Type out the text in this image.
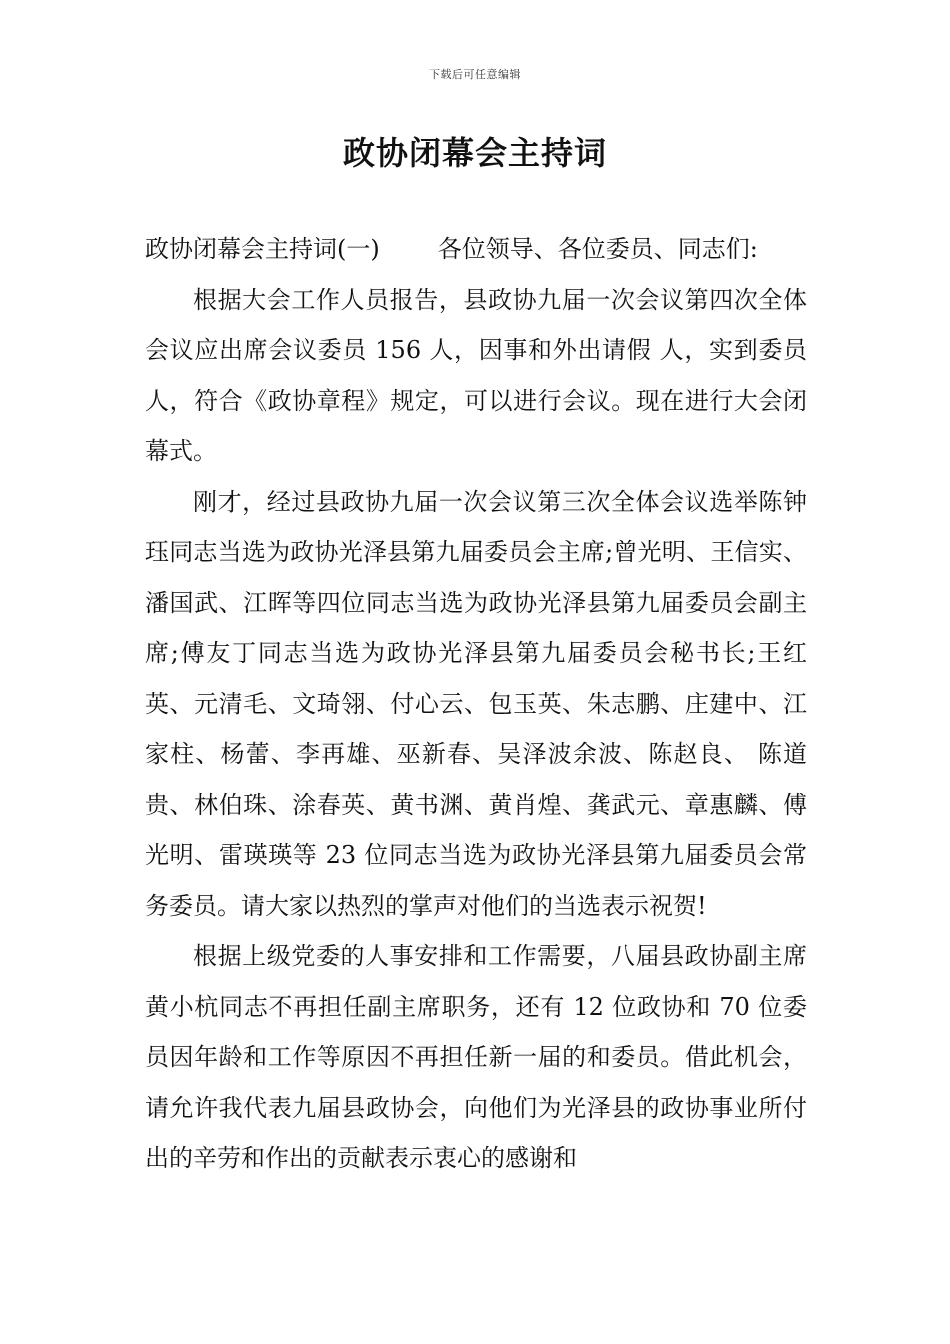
下载后可任意编辑
政协闭幕会主持词

政协闭幕会主持词(一) 各位领导、各位委员、同志们:

根据大会工作人员报告，县政协九届一次会议第四次全体会议应出席会议委员 156 人，因事和外出请假 人，实到委员 人，符合《政协章程》规定，可以进行会议。现在进行大会闭幕式。

刚才，经过县政协九届一次会议第三次全体会议选举陈钟珏同志当选为政协光泽县第九届委员会主席;曾光明、王信实、潘国武、江晖等四位同志当选为政协光泽县第九届委员会副主席;傅友丁同志当选为政协光泽县第九届委员会秘书长;王红英、元清毛、文琦翎、付心云、包玉英、朱志鹏、庄建中、江家柱、杨蕾、李再雄、巫新春、吴泽波余波、陈赵良、 陈道贵、林伯珠、涂春英、黄书渊、黄肖煌、龚武元、章惠麟、傅光明、雷瑛瑛等 23 位同志当选为政协光泽县第九届委员会常务委员。请大家以热烈的掌声对他们的当选表示祝贺!

根据上级党委的人事安排和工作需要，八届县政协副主席黄小杭同志不再担任副主席职务，还有 12 位政协和 70 位委员因年龄和工作等原因不再担任新一届的和委员。借此机会，请允许我代表九届县政协会，向他们为光泽县的政协事业所付出的辛劳和作出的贡献表示衷心的感谢和
